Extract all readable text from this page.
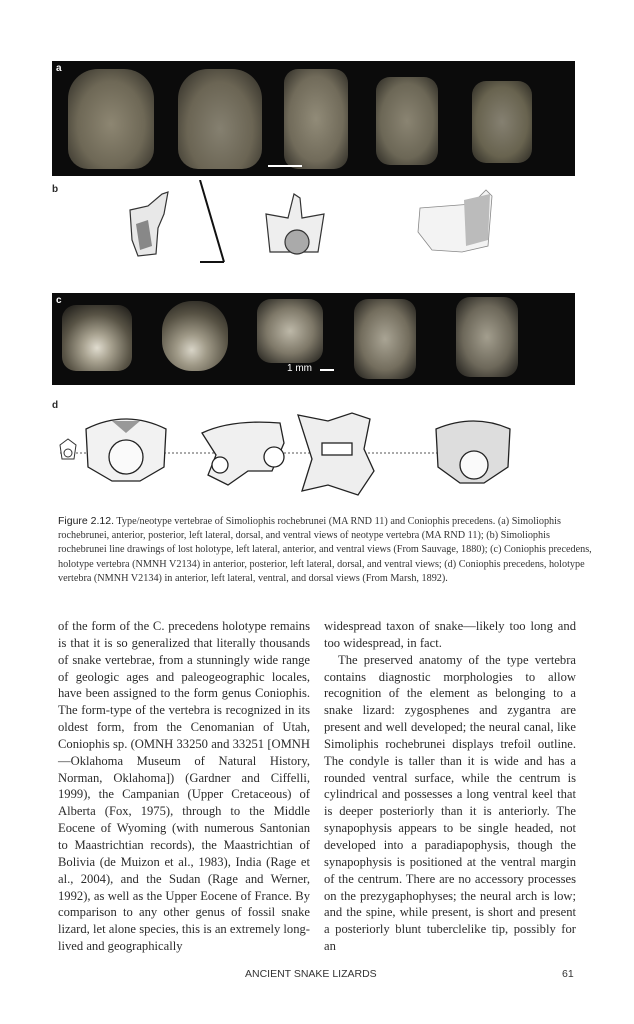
a
b
c
1 mm
d
Figure 2.12. Type/neotype vertebrae of Simoliophis rochebrunei (MA RND 11) and Coniophis precedens. (a) Simoliophis rochebrunei, anterior, posterior, left lateral, dorsal, and ventral views of neotype vertebra (MA RND 11); (b) Simoliophis rochebrunei line drawings of lost holotype, left lateral, anterior, and ventral views (From Sauvage, 1880); (c) Coniophis precedens, holotype vertebra (NMNH V2134) in anterior, posterior, left lateral, dorsal, and ventral views; (d) Coniophis precedens, holotype vertebra (NMNH V2134) in anterior, left lateral, ventral, and dorsal views (From Marsh, 1892).

of the form of the C. precedens holotype remains is that it is so generalized that literally thousands of snake vertebrae, from a stunningly wide range of geologic ages and paleogeographic locales, have been assigned to the form genus Coniophis. The form-type of the vertebra is recognized in its oldest form, from the Cenomanian of Utah, Coniophis sp. (OMNH 33250 and 33251 [OMNH—Oklahoma Museum of Natural History, Norman, Oklahoma]) (Gardner and Ciffelli, 1999), the Campanian (Upper Cretaceous) of Alberta (Fox, 1975), through to the Middle Eocene of Wyoming (with numerous Santonian to Maastrichtian records), the Maastrichtian of Bolivia (de Muizon et al., 1983), India (Rage et al., 2004), and the Sudan (Rage and Werner, 1992), as well as the Upper Eocene of France. By comparison to any other genus of fossil snake lizard, let alone species, this is an extremely long-lived and geographically

widespread taxon of snake—likely too long and too widespread, in fact.

The preserved anatomy of the type vertebra contains diagnostic morphologies to allow recognition of the element as belonging to a snake lizard: zygosphenes and zygantra are present and well developed; the neural canal, like Simoliphis rochebrunei displays trefoil outline. The condyle is taller than it is wide and has a rounded ventral surface, while the centrum is cylindrical and possesses a long ventral keel that is deeper posteriorly than it is anteriorly. The synapophysis appears to be single headed, not developed into a paradiapophysis, though the synapophysis is positioned at the ventral margin of the centrum. There are no accessory processes on the prezygaphophyses; the neural arch is low; and the spine, while present, is short and present a posteriorly blunt tuberclelike tip, possibly for an

ANCIENT SNAKE LIZARDS	61
